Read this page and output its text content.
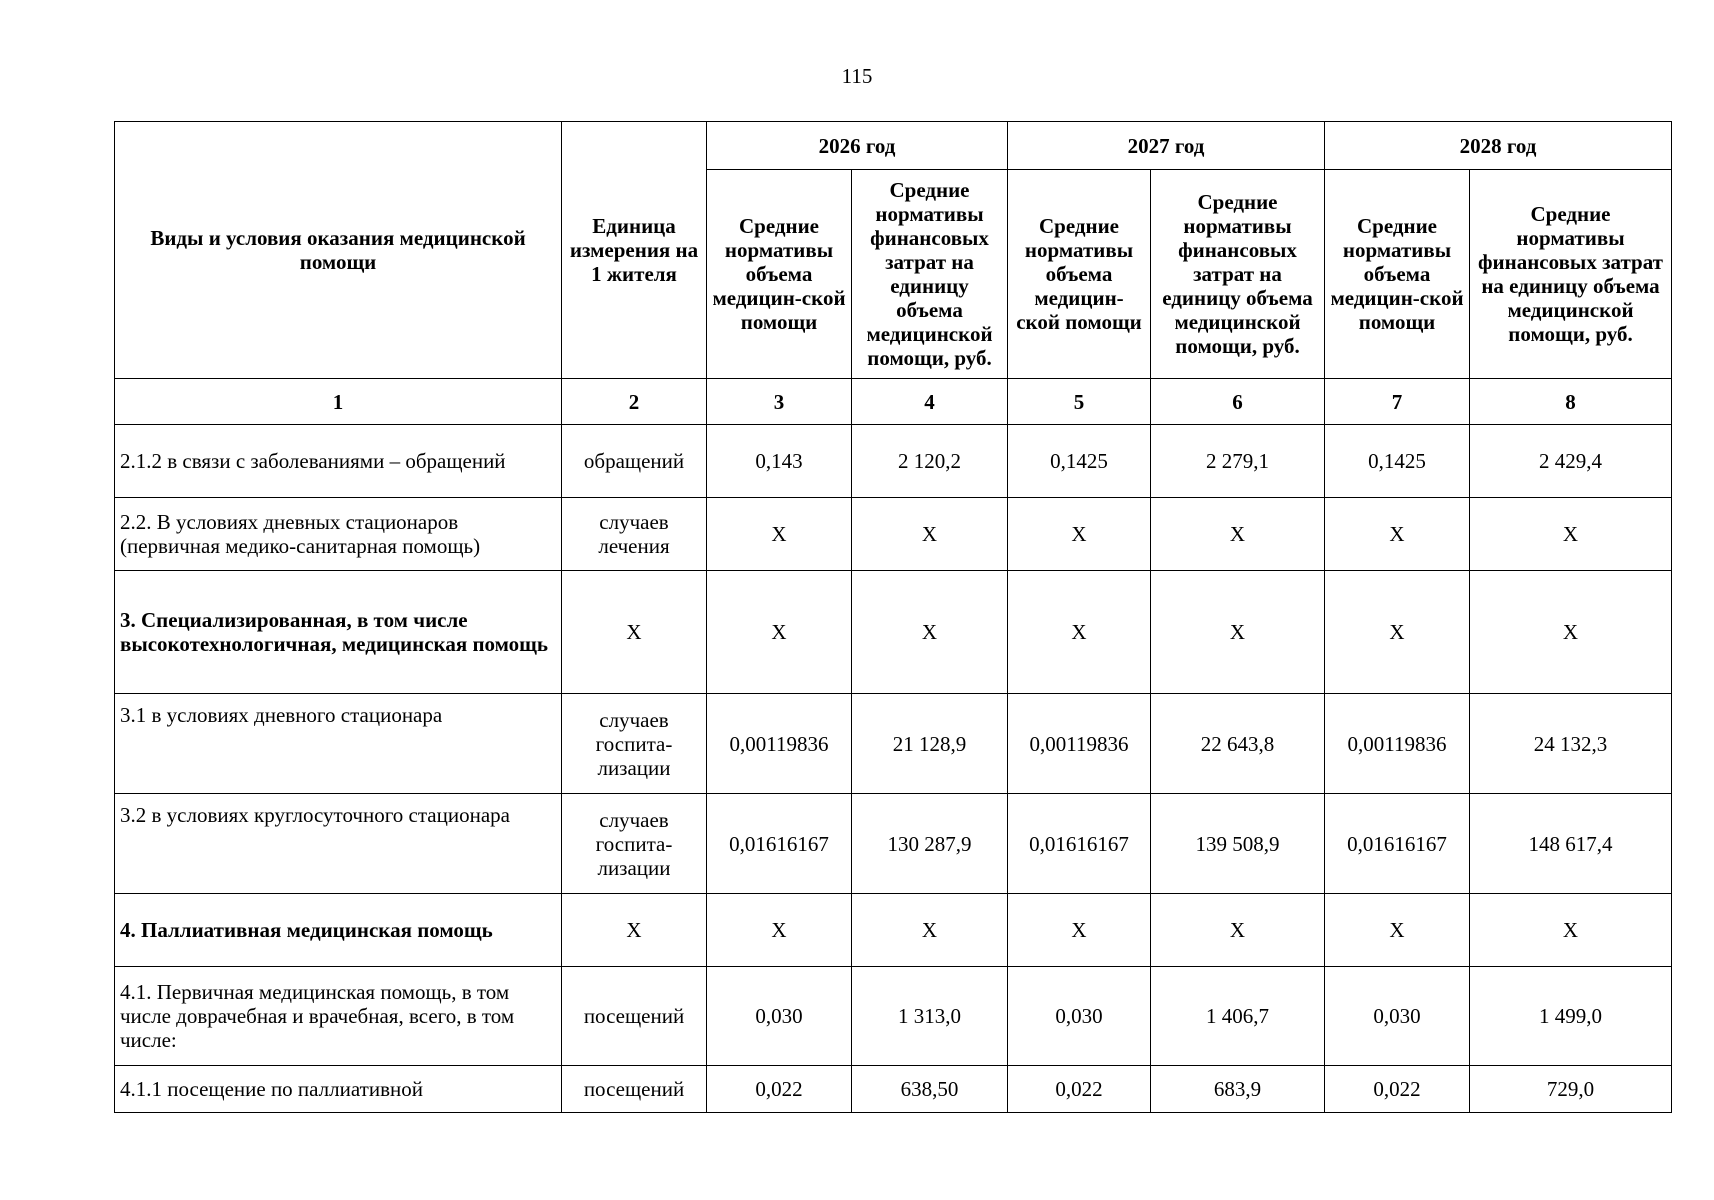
115
Виды и условия оказания медицинской помощи	Единица измерения на 1 жителя	2026 год		2027 год		2028 год	
		Средние нормативы объема медицин-ской помощи	Средние нормативы финансовых затрат на единицу объема медицинской помощи, руб.	Средние нормативы объема медицин-ской помощи	Средние нормативы финансовых затрат на единицу объема медицинской помощи, руб.	Средние нормативы объема медицин-ской помощи	Средние нормативы финансовых затрат на единицу объема медицинской помощи, руб.
1	2	3	4	5	6	7	8
2.1.2 в связи с заболеваниями – обращений	обращений	0,143	2 120,2	0,1425	2 279,1	0,1425	2 429,4
2.2. В условиях дневных стационаров (первичная медико-санитарная помощь)	случаев лечения	Х	Х	Х	Х	Х	Х
3. Специализированная, в том числе высокотехнологичная, медицинская помощь	Х	Х	Х	Х	Х	Х	Х
3.1 в условиях дневного стационара	случаев госпита-лизации	0,00119836	21 128,9	0,00119836	22 643,8	0,00119836	24 132,3
3.2 в условиях круглосуточного стационара	случаев госпита-лизации	0,01616167	130 287,9	0,01616167	139 508,9	0,01616167	148 617,4
4. Паллиативная медицинская помощь	Х	Х	Х	Х	Х	Х	Х
4.1. Первичная медицинская помощь, в том числе доврачебная и врачебная, всего, в том числе:	посещений	0,030	1 313,0	0,030	1 406,7	0,030	1 499,0
4.1.1 посещение по паллиативной	посещений	0,022	638,50	0,022	683,9	0,022	729,0
